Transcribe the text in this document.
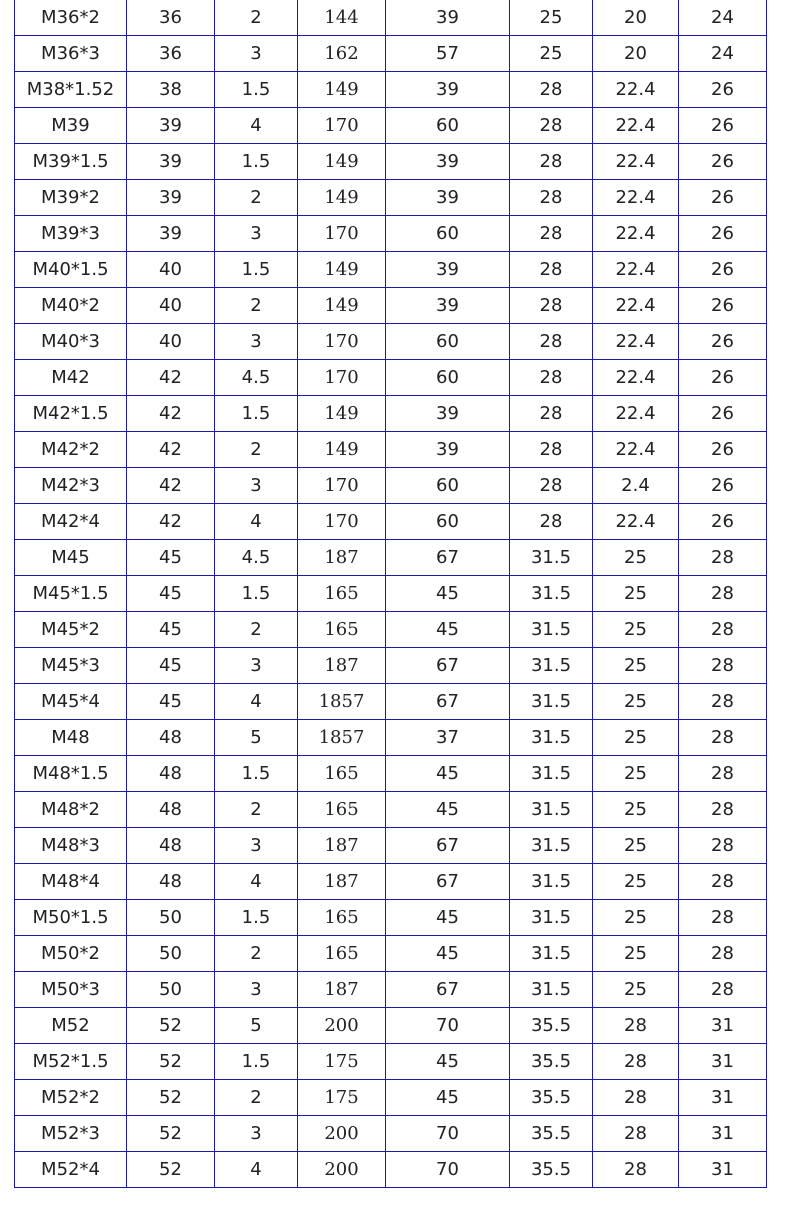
M36*2	36	2	144	39	25	20	24
M36*3	36	3	162	57	25	20	24
M38*1.52	38	1.5	149	39	28	22.4	26
M39	39	4	170	60	28	22.4	26
M39*1.5	39	1.5	149	39	28	22.4	26
M39*2	39	2	149	39	28	22.4	26
M39*3	39	3	170	60	28	22.4	26
M40*1.5	40	1.5	149	39	28	22.4	26
M40*2	40	2	149	39	28	22.4	26
M40*3	40	3	170	60	28	22.4	26
M42	42	4.5	170	60	28	22.4	26
M42*1.5	42	1.5	149	39	28	22.4	26
M42*2	42	2	149	39	28	22.4	26
M42*3	42	3	170	60	28	2.4	26
M42*4	42	4	170	60	28	22.4	26
M45	45	4.5	187	67	31.5	25	28
M45*1.5	45	1.5	165	45	31.5	25	28
M45*2	45	2	165	45	31.5	25	28
M45*3	45	3	187	67	31.5	25	28
M45*4	45	4	1857	67	31.5	25	28
M48	48	5	1857	37	31.5	25	28
M48*1.5	48	1.5	165	45	31.5	25	28
M48*2	48	2	165	45	31.5	25	28
M48*3	48	3	187	67	31.5	25	28
M48*4	48	4	187	67	31.5	25	28
M50*1.5	50	1.5	165	45	31.5	25	28
M50*2	50	2	165	45	31.5	25	28
M50*3	50	3	187	67	31.5	25	28
M52	52	5	200	70	35.5	28	31
M52*1.5	52	1.5	175	45	35.5	28	31
M52*2	52	2	175	45	35.5	28	31
M52*3	52	3	200	70	35.5	28	31
M52*4	52	4	200	70	35.5	28	31
